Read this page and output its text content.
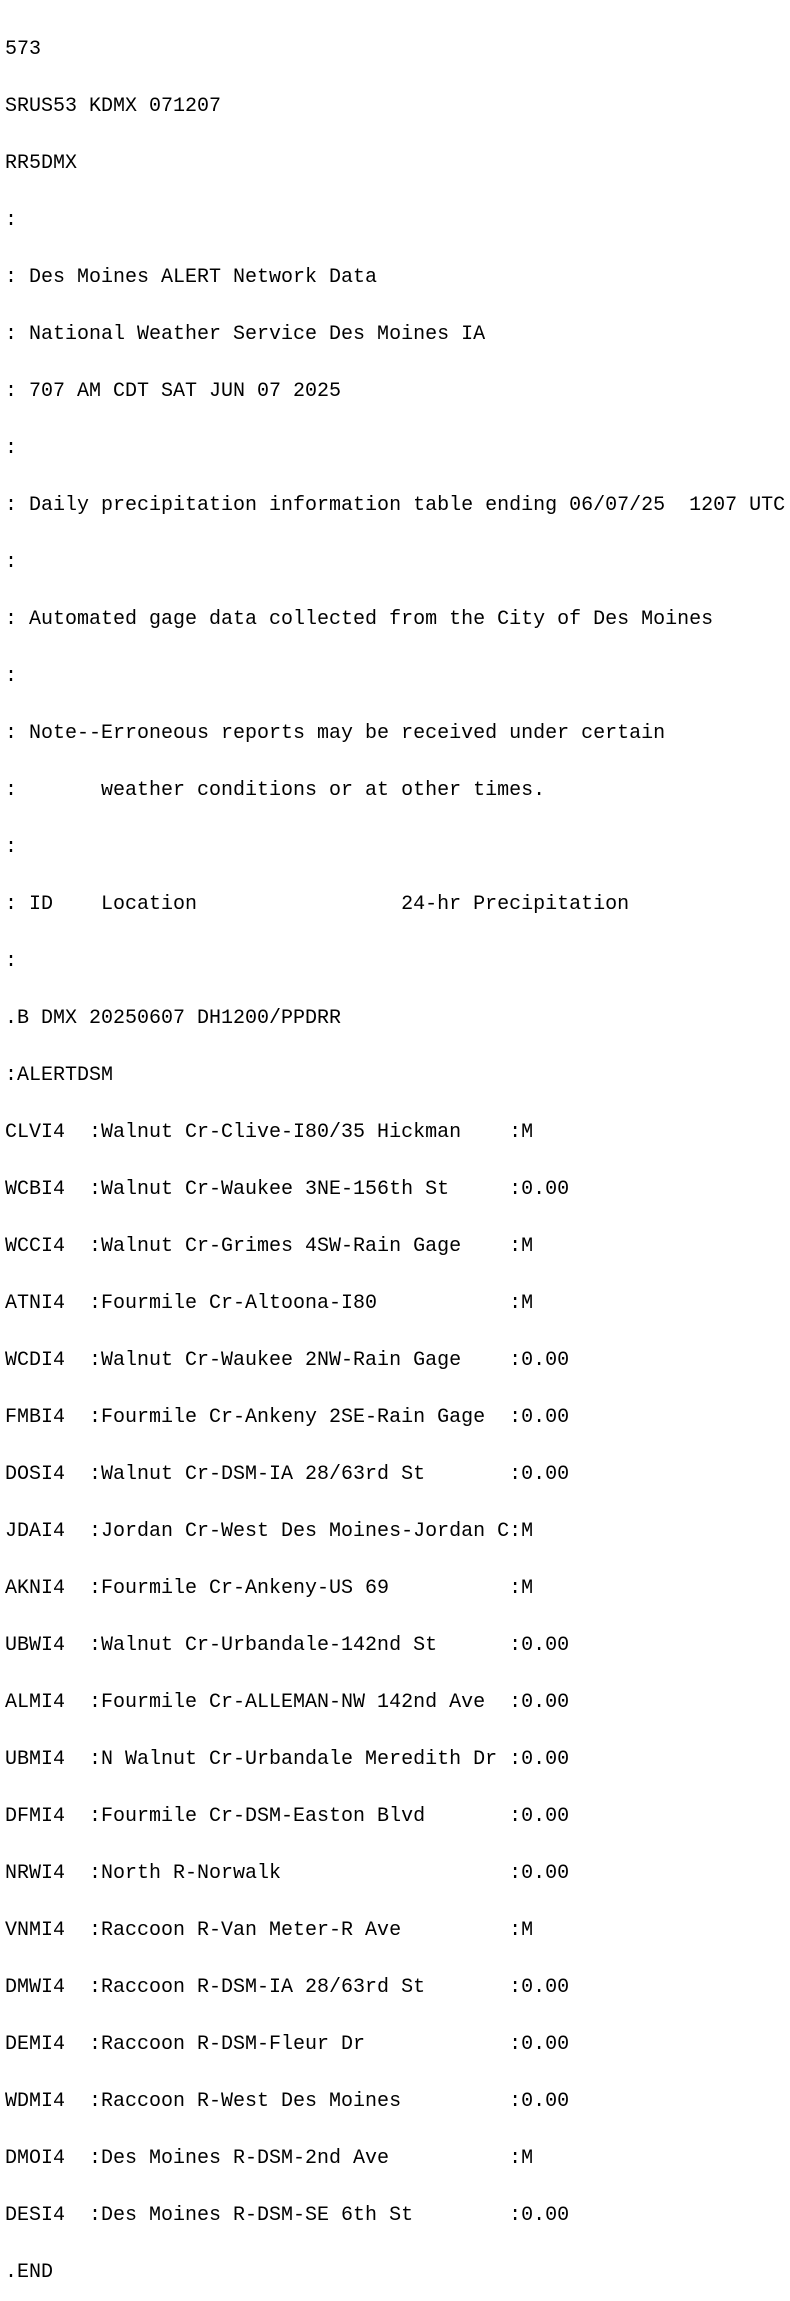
573

SRUS53 KDMX 071207

RR5DMX

:

: Des Moines ALERT Network Data

: National Weather Service Des Moines IA

: 707 AM CDT SAT JUN 07 2025

:

: Daily precipitation information table ending 06/07/25  1207 UTC

:

: Automated gage data collected from the City of Des Moines

:

: Note--Erroneous reports may be received under certain

:       weather conditions or at other times.

:

: ID    Location                 24-hr Precipitation

:

.B DMX 20250607 DH1200/PPDRR

:ALERTDSM

CLVI4  :Walnut Cr-Clive-I80/35 Hickman    :M

WCBI4  :Walnut Cr-Waukee 3NE-156th St     :0.00

WCCI4  :Walnut Cr-Grimes 4SW-Rain Gage    :M

ATNI4  :Fourmile Cr-Altoona-I80           :M

WCDI4  :Walnut Cr-Waukee 2NW-Rain Gage    :0.00

FMBI4  :Fourmile Cr-Ankeny 2SE-Rain Gage  :0.00

DOSI4  :Walnut Cr-DSM-IA 28/63rd St       :0.00

JDAI4  :Jordan Cr-West Des Moines-Jordan C:M

AKNI4  :Fourmile Cr-Ankeny-US 69          :M

UBWI4  :Walnut Cr-Urbandale-142nd St      :0.00

ALMI4  :Fourmile Cr-ALLEMAN-NW 142nd Ave  :0.00

UBMI4  :N Walnut Cr-Urbandale Meredith Dr :0.00

DFMI4  :Fourmile Cr-DSM-Easton Blvd       :0.00

NRWI4  :North R-Norwalk                   :0.00

VNMI4  :Raccoon R-Van Meter-R Ave         :M

DMWI4  :Raccoon R-DSM-IA 28/63rd St       :0.00

DEMI4  :Raccoon R-DSM-Fleur Dr            :0.00

WDMI4  :Raccoon R-West Des Moines         :0.00

DMOI4  :Des Moines R-DSM-2nd Ave          :M

DESI4  :Des Moines R-DSM-SE 6th St        :0.00

.END
